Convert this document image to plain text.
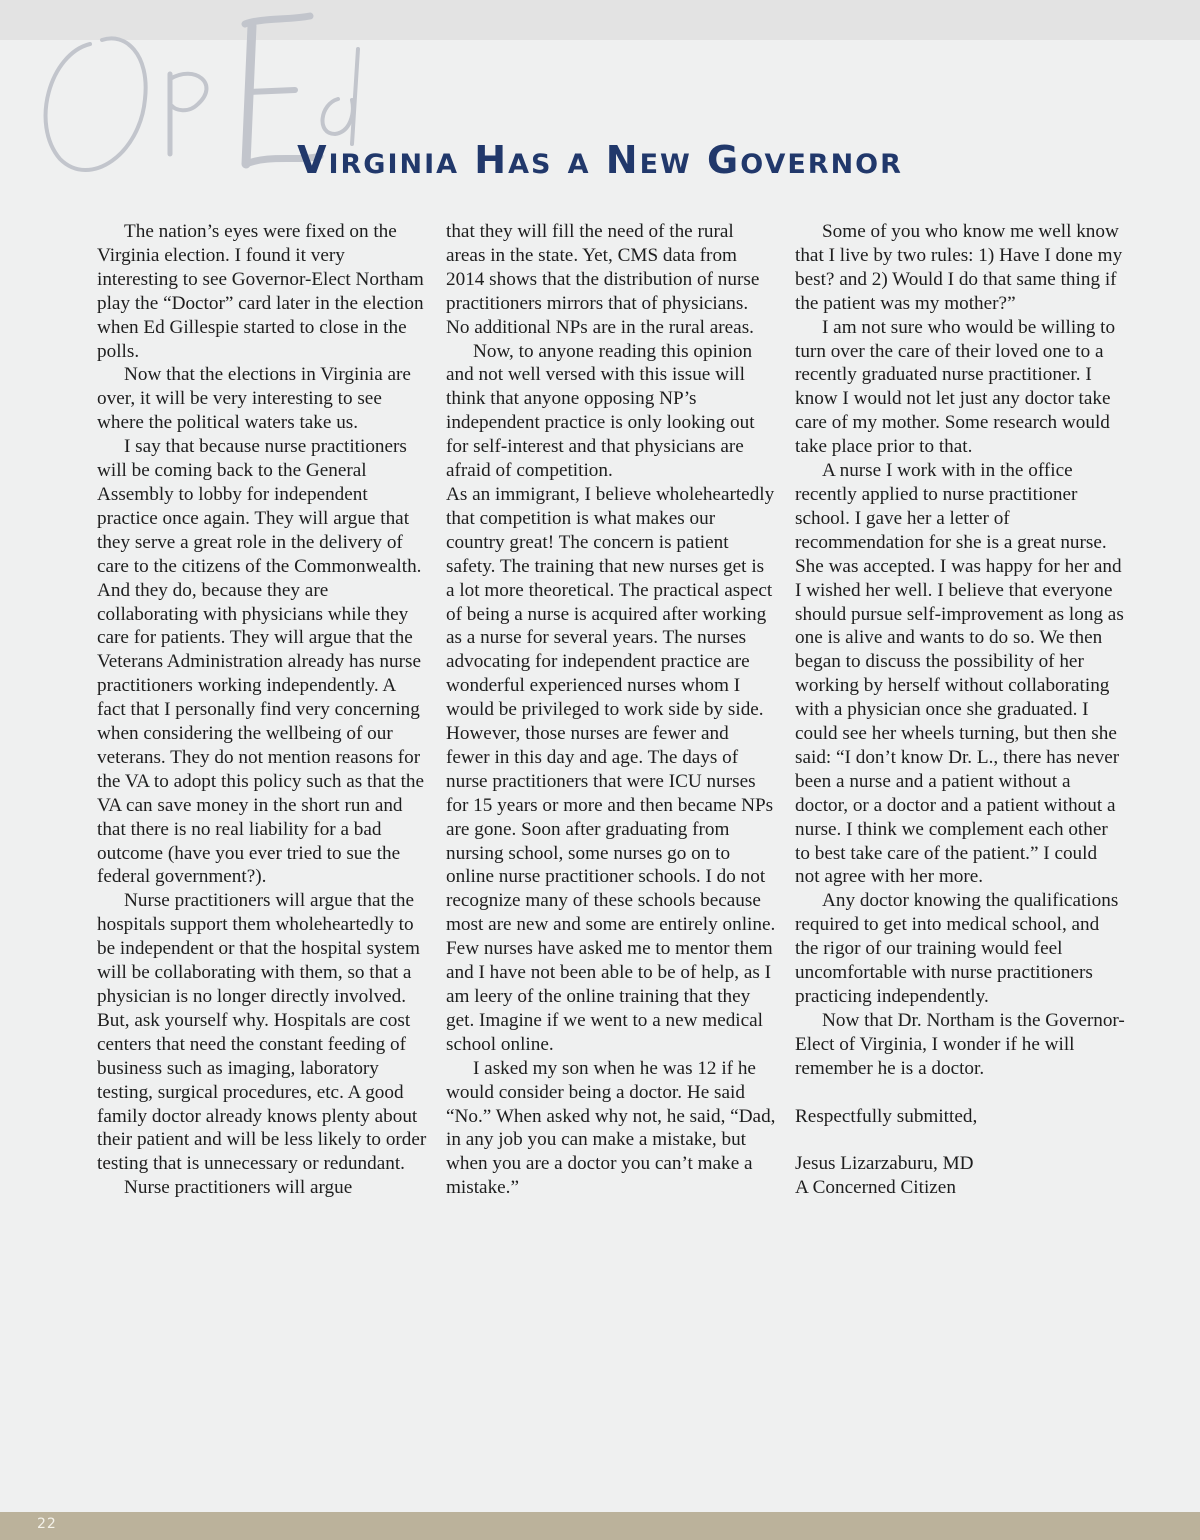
Virginia Has a New Governor

The nation’s eyes were fixed on the Virginia election. I found it very interesting to see Governor-Elect Northam play the “Doctor” card later in the election when Ed Gillespie started to close in the polls.

Now that the elections in Virginia are over, it will be very interesting to see where the political waters take us.

I say that because nurse practitioners will be coming back to the General Assembly to lobby for independent practice once again. They will argue that they serve a great role in the delivery of care to the citizens of the Commonwealth. And they do, because they are collaborating with physicians while they care for patients. They will argue that the Veterans Administration already has nurse practitioners working independently. A fact that I personally find very concerning when considering the wellbeing of our veterans. They do not mention reasons for the VA to adopt this policy such as that the VA can save money in the short run and that there is no real liability for a bad outcome (have you ever tried to sue the federal government?).

Nurse practitioners will argue that the hospitals support them wholeheartedly to be independent or that the hospital system will be collaborating with them, so that a physician is no longer directly involved. But, ask yourself why. Hospitals are cost centers that need the constant feeding of business such as imaging, laboratory testing, surgical procedures, etc. A good family doctor already knows plenty about their patient and will be less likely to order testing that is unnecessary or redundant.

Nurse practitioners will argue

that they will fill the need of the rural areas in the state. Yet, CMS data from 2014 shows that the distribution of nurse practitioners mirrors that of physicians. No additional NPs are in the rural areas.

Now, to anyone reading this opinion and not well versed with this issue will think that anyone opposing NP’s independent practice is only looking out for self-interest and that physicians are afraid of competition.

As an immigrant, I believe wholeheartedly that competition is what makes our country great! The concern is patient safety. The training that new nurses get is a lot more theoretical. The practical aspect of being a nurse is acquired after working as a nurse for several years. The nurses advocating for independent practice are wonderful experienced nurses whom I would be privileged to work side by side. However, those nurses are fewer and fewer in this day and age. The days of nurse practitioners that were ICU nurses for 15 years or more and then became NPs are gone. Soon after graduating from nursing school, some nurses go on to online nurse practitioner schools. I do not recognize many of these schools because most are new and some are entirely online. Few nurses have asked me to mentor them and I have not been able to be of help, as I am leery of the online training that they get. Imagine if we went to a new medical school online.

I asked my son when he was 12 if he would consider being a doctor. He said “No.” When asked why not, he said, “Dad, in any job you can make a mistake, but when you are a doctor you can’t make a mistake.”

Some of you who know me well know that I live by two rules: 1) Have I done my best? and 2) Would I do that same thing if the patient was my mother?”

I am not sure who would be willing to turn over the care of their loved one to a recently graduated nurse practitioner. I know I would not let just any doctor take care of my mother. Some research would take place prior to that.

A nurse I work with in the office recently applied to nurse practitioner school. I gave her a letter of recommendation for she is a great nurse. She was accepted. I was happy for her and I wished her well. I believe that everyone should pursue self-improvement as long as one is alive and wants to do so. We then began to discuss the possibility of her working by herself without collaborating with a physician once she graduated. I could see her wheels turning, but then she said: “I don’t know Dr. L., there has never been a nurse and a patient without a doctor, or a doctor and a patient without a nurse. I think we complement each other to best take care of the patient.” I could not agree with her more.

Any doctor knowing the qualifications required to get into medical school, and the rigor of our training would feel uncomfortable with nurse practitioners practicing independently.

Now that Dr. Northam is the Governor-Elect of Virginia, I wonder if he will remember he is a doctor.

Respectfully submitted,

Jesus Lizarzaburu, MD

A Concerned Citizen

22
